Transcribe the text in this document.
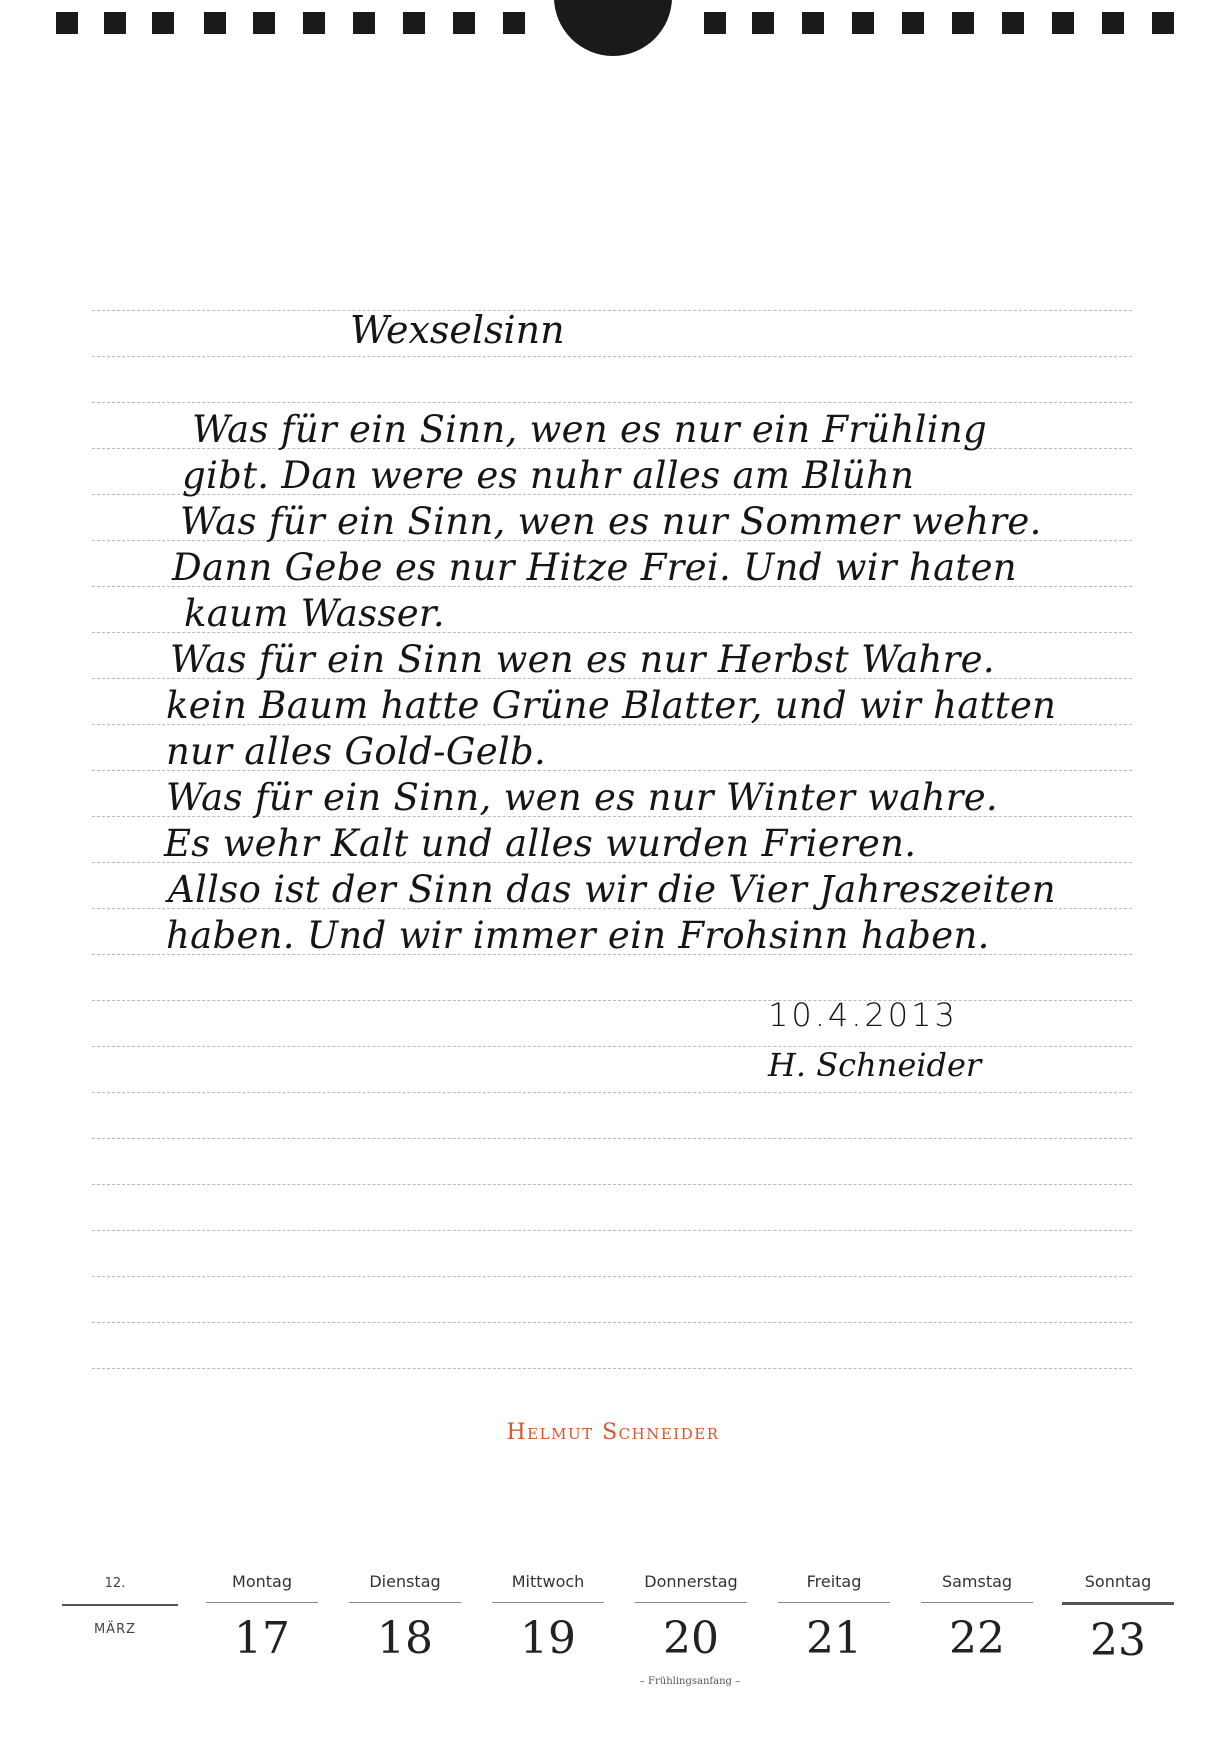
Wexselsinn
Was für ein Sinn, wen es nur ein Frühling
gibt. Dan were es nuhr alles am Blühn
Was für ein Sinn, wen es nur Sommer wehre.
Dann Gebe es nur Hitze Frei. Und wir haten
kaum Wasser.
Was für ein Sinn wen es nur Herbst Wahre.
kein Baum hatte Grüne Blatter, und wir hatten
nur alles Gold-Gelb.
Was für ein Sinn, wen es nur Winter wahre.
Es wehr Kalt und alles wurden Frieren.
Allso ist der Sinn das wir die Vier Jahreszeiten
haben. Und wir immer ein Frohsinn haben.
10.4.2013
H. Schneider
Helmut Schneider
12.
MÄRZ
Montag
17
Dienstag
18
Mittwoch
19
Donnerstag
20
Freitag
21
Samstag
22
Sonntag
23
– Frühlingsanfang –
